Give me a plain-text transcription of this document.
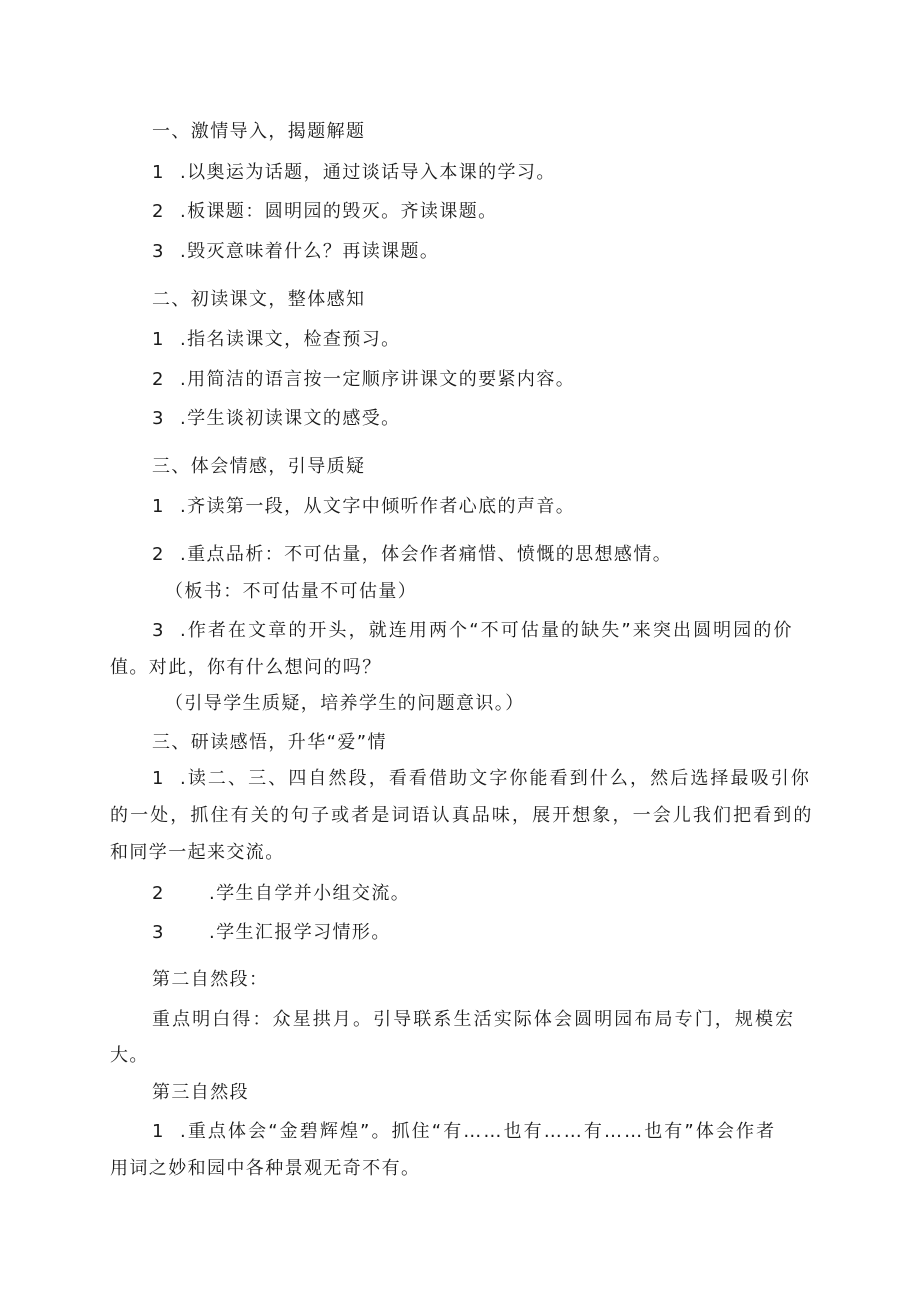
一、激情导入，揭题解题
1 .以奥运为话题，通过谈话导入本课的学习。
2 .板课题：圆明园的毁灭。齐读课题。
3 .毁灭意味着什么？再读课题。
二、初读课文，整体感知
1 .指名读课文，检查预习。
2 .用简洁的语言按一定顺序讲课文的要紧内容。
3 .学生谈初读课文的感受。
三、体会情感，引导质疑
1 .齐读第一段，从文字中倾听作者心底的声音。
2 .重点品析：不可估量，体会作者痛惜、愤慨的思想感情。
（板书：不可估量不可估量）
3 .作者在文章的开头，就连用两个“不可估量的缺失”来突出圆明园的价
值。对此，你有什么想问的吗？
（引导学生质疑，培养学生的问题意识。）
三、研读感悟，升华“爱”情
1 .读二、三、四自然段，看看借助文字你能看到什么，然后选择最吸引你
的一处，抓住有关的句子或者是词语认真品味，展开想象，一会儿我们把看到的
和同学一起来交流。
2 .学生自学并小组交流。
3 .学生汇报学习情形。
第二自然段：
重点明白得：众星拱月。引导联系生活实际体会圆明园布局专门，规模宏
大。
第三自然段
1 .重点体会“金碧辉煌”。抓住“有……也有……有……也有”体会作者
用词之妙和园中各种景观无奇不有。
